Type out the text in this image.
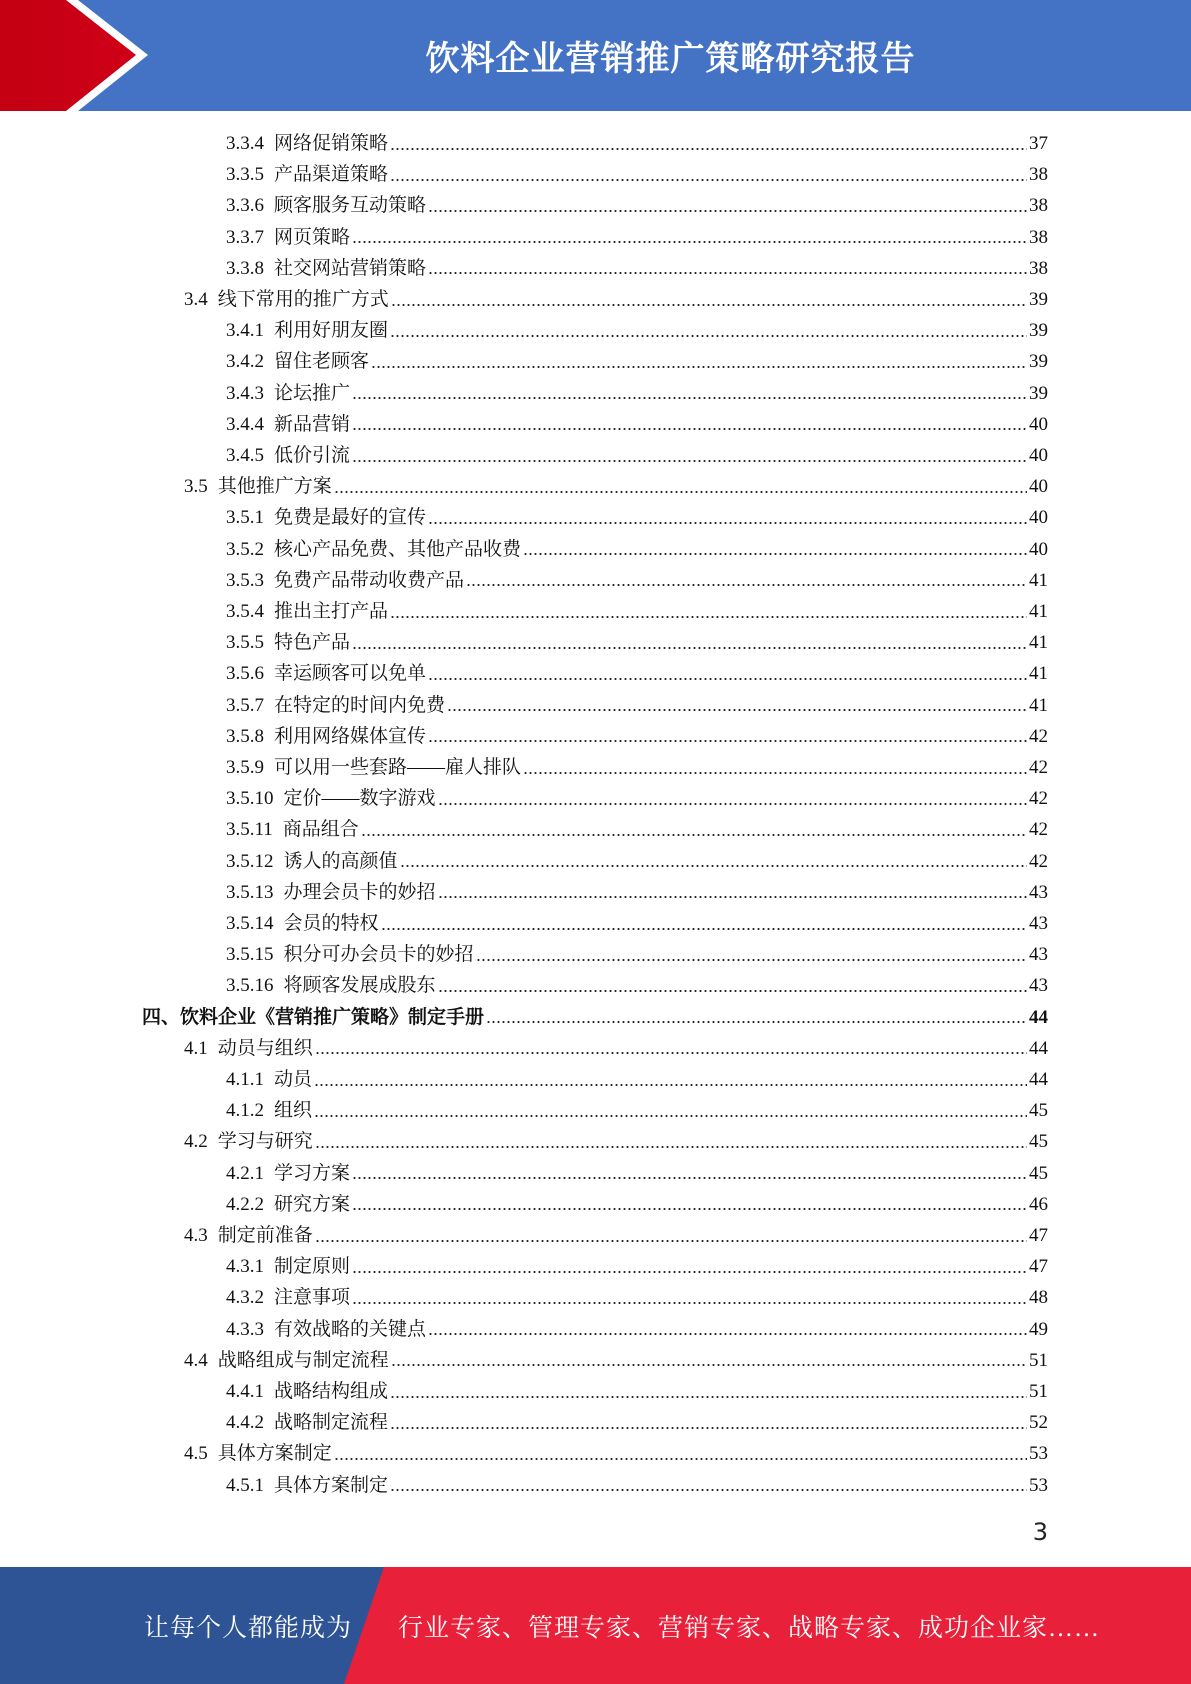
饮料企业营销推广策略研究报告
3.3.4 网络促销策略	37
3.3.5 产品渠道策略	38
3.3.6 顾客服务互动策略	38
3.3.7 网页策略	38
3.3.8 社交网站营销策略	38
3.4 线下常用的推广方式	39
3.4.1 利用好朋友圈	39
3.4.2 留住老顾客	39
3.4.3 论坛推广	39
3.4.4 新品营销	40
3.4.5 低价引流	40
3.5 其他推广方案	40
3.5.1 免费是最好的宣传	40
3.5.2 核心产品免费、其他产品收费	40
3.5.3 免费产品带动收费产品	41
3.5.4 推出主打产品	41
3.5.5 特色产品	41
3.5.6 幸运顾客可以免单	41
3.5.7 在特定的时间内免费	41
3.5.8 利用网络媒体宣传	42
3.5.9 可以用一些套路——雇人排队	42
3.5.10 定价——数字游戏	42
3.5.11 商品组合	42
3.5.12 诱人的高颜值	42
3.5.13 办理会员卡的妙招	43
3.5.14 会员的特权	43
3.5.15 积分可办会员卡的妙招	43
3.5.16 将顾客发展成股东	43
四、饮料企业《营销推广策略》制定手册	44
4.1 动员与组织	44
4.1.1 动员	44
4.1.2 组织	45
4.2 学习与研究	45
4.2.1 学习方案	45
4.2.2 研究方案	46
4.3 制定前准备	47
4.3.1 制定原则	47
4.3.2 注意事项	48
4.3.3 有效战略的关键点	49
4.4 战略组成与制定流程	51
4.4.1 战略结构组成	51
4.4.2 战略制定流程	52
4.5 具体方案制定	53
4.5.1 具体方案制定	53
3
让每个人都能成为 行业专家、管理专家、营销专家、战略专家、成功企业家……
